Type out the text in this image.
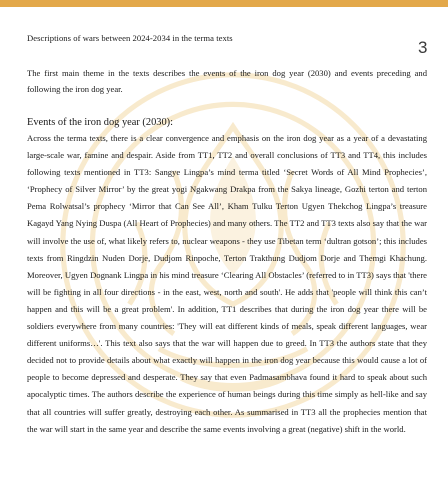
Descriptions of wars between 2024-2034 in the terma texts	3

The first main theme in the texts describes the events of the iron dog year (2030) and events preceding and following the iron dog year.

Events of the iron dog year (2030):

Across the terma texts, there is a clear convergence and emphasis on the iron dog year as a year of a devastating large-scale war, famine and despair. Aside from TT1, TT2 and overall conclusions of TT3 and TT4, this includes following texts mentioned in TT3: Sangye Lingpa’s mind terma titled ‘Secret Words of All Mind Prophecies’, ‘Prophecy of Silver Mirror’ by the great yogi Ngakwang Drakpa from the Sakya lineage, Gozhi terton and terton Pema Rolwatsal’s prophecy ‘Mirror that Can See All’, Kham Tulku Terton Ugyen Thekchog Lingpa’s treasure Kagayd Yang Nying Duspa (All Heart of Prophecies) and many others. The TT2 and TT3 texts also say that the war will involve the use of, what likely refers to, nuclear weapons - they use Tibetan term ‘dultran gotson’; this includes texts from Ringdzin Nuden Dorje, Dudjom Rinpoche, Terton Trakthung Dudjom Dorje and Themgi Khachung. Moreover, Ugyen Dognank Lingpa in his mind treasure ‘Clearing All Obstacles’ (referred to in TT3) says that 'there will be fighting in all four directions - in the east, west, north and south'. He adds that 'people will think this can’t happen and this will be a great problem'. In addition, TT1 describes that during the iron dog year there will be soldiers everywhere from many countries: 'They will eat different kinds of meals, speak different languages, wear different uniforms…'. This text also says that the war will happen due to greed. In TT3 the authors state that they decided not to provide details about what exactly will happen in the iron dog year because this would cause a lot of people to become depressed and desperate. They say that even Padmasambhava found it hard to speak about such apocalyptic times. The authors describe the experience of human beings during this time simply as hell-like and say that all countries will suffer greatly, destroying each other. As summarised in TT3 all the prophecies mention that the war will start in the same year and describe the same events involving a great (negative) shift in the world.
